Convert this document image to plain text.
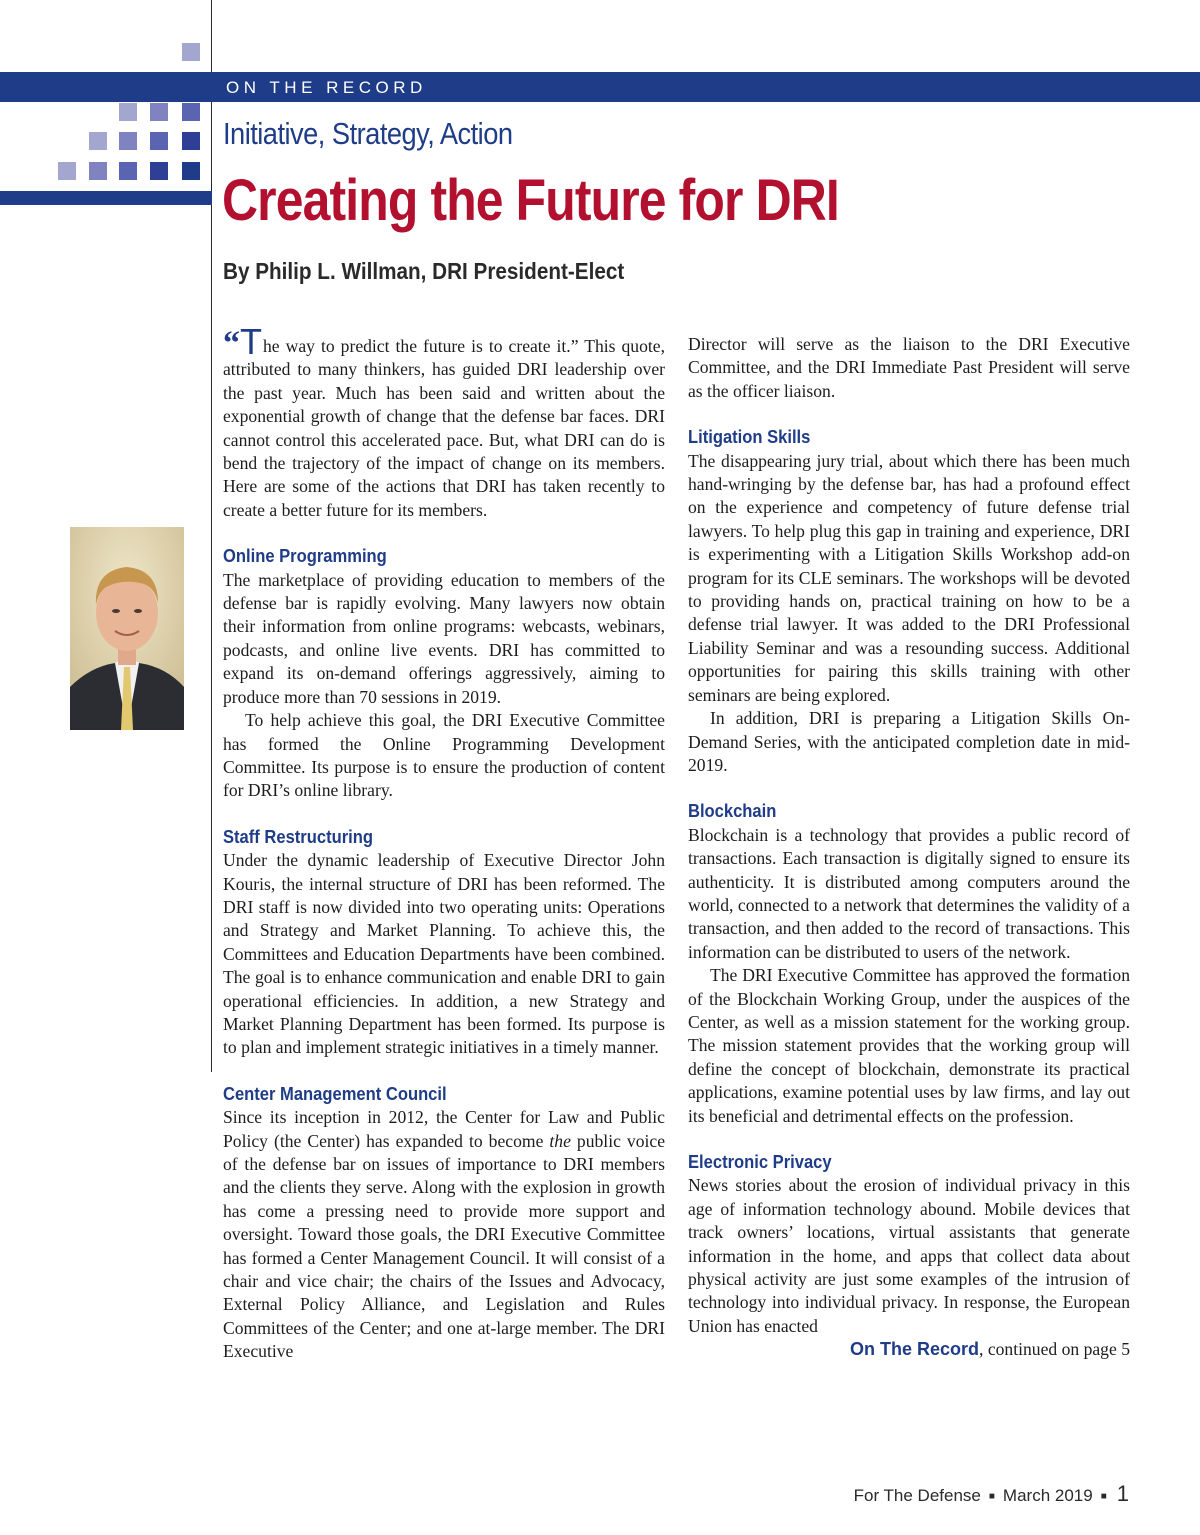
ON THE RECORD
Initiative, Strategy, Action
Creating the Future for DRI
By Philip L. Willman, DRI President-Elect

“The way to predict the future is to create it.” This quote, attributed to many thinkers, has guided DRI leadership over the past year. Much has been said and written about the exponential growth of change that the defense bar faces. DRI cannot control this accelerated pace. But, what DRI can do is bend the trajectory of the impact of change on its members. Here are some of the actions that DRI has taken recently to create a better future for its members.

Online Programming

The marketplace of providing education to members of the defense bar is rapidly evolving. Many lawyers now obtain their information from online programs: webcasts, webinars, podcasts, and online live events. DRI has committed to expand its on-demand offerings aggressively, aiming to produce more than 70 sessions in 2019.

To help achieve this goal, the DRI Executive Committee has formed the Online Programming Development Committee. Its purpose is to ensure the production of content for DRI’s online library.

Staff Restructuring

Under the dynamic leadership of Executive Director John Kouris, the internal structure of DRI has been reformed. The DRI staff is now divided into two operating units: Operations and Strategy and Market Planning. To achieve this, the Committees and Education Departments have been combined. The goal is to enhance communication and enable DRI to gain operational efficiencies. In addition, a new Strategy and Market Planning Department has been formed. Its purpose is to plan and implement strategic initiatives in a timely manner.

Center Management Council

Since its inception in 2012, the Center for Law and Public Policy (the Center) has expanded to become the public voice of the defense bar on issues of importance to DRI members and the clients they serve. Along with the explosion in growth has come a pressing need to provide more support and oversight. Toward those goals, the DRI Executive Committee has formed a Center Management Council. It will consist of a chair and vice chair; the chairs of the Issues and Advocacy, External Policy Alliance, and Legislation and Rules Committees of the Center; and one at-large member. The DRI Executive

Director will serve as the liaison to the DRI Executive Committee, and the DRI Immediate Past President will serve as the officer liaison.

Litigation Skills

The disappearing jury trial, about which there has been much hand-wringing by the defense bar, has had a profound effect on the experience and competency of future defense trial lawyers. To help plug this gap in training and experience, DRI is experimenting with a Litigation Skills Workshop add-on program for its CLE seminars. The workshops will be devoted to providing hands on, practical training on how to be a defense trial lawyer. It was added to the DRI Professional Liability Seminar and was a resounding success. Additional opportunities for pairing this skills training with other seminars are being explored.

In addition, DRI is preparing a Litigation Skills On-Demand Series, with the anticipated completion date in mid-2019.

Blockchain

Blockchain is a technology that provides a public record of transactions. Each transaction is digitally signed to ensure its authenticity. It is distributed among computers around the world, connected to a network that determines the validity of a transaction, and then added to the record of transactions. This information can be distributed to users of the network.

The DRI Executive Committee has approved the formation of the Blockchain Working Group, under the auspices of the Center, as well as a mission statement for the working group. The mission statement provides that the working group will define the concept of blockchain, demonstrate its practical applications, examine potential uses by law firms, and lay out its beneficial and detrimental effects on the profession.

Electronic Privacy

News stories about the erosion of individual privacy in this age of information technology abound. Mobile devices that track owners’ locations, virtual assistants that generate information in the home, and apps that collect data about physical activity are just some examples of the intrusion of technology into individual privacy. In response, the European Union has enacted

On The Record, continued on page 5

For The Defense ■ March 2019 ■ 1
